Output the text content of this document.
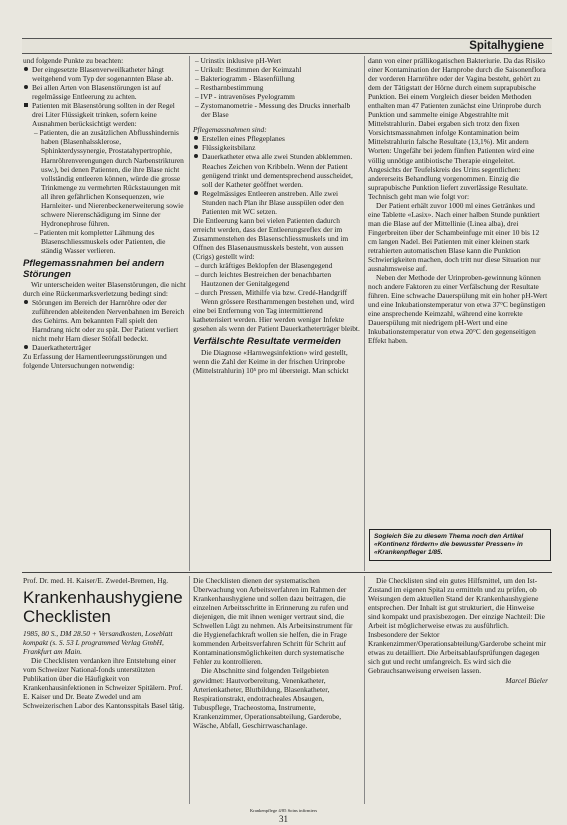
Spitalhygiene

und folgende Punkte zu beachten:

Der eingesetzte Blasenverweilkatheter hängt weitgehend vom Typ der sogenannten Blase ab.

Bei allen Arten von Blasenstörungen ist auf regelmässige Entleerung zu achten.

Patienten mit Blasenstörung sollten in der Regel drei Liter Flüssigkeit trinken, sofern keine Ausnahmen berücksichtigt werden:

– Patienten, die an zusätzlichen Abflusshindernis haben (Blasenhalssklerose, Sphinkterdyssynergie, Prostatahypertrophie, Harnröhrenverengungen durch Narbenstrikturen usw.), bei denen Patienten, die ihre Blase nicht vollständig entleeren können, würde die grosse Trinkmenge zu vermehrten Rückstauungen mit all ihren gefährlichen Konsequenzen, wie Harnleiter- und Nierenbeckenerweiterung sowie schwere Nierenschädigung im Sinne der Hydronephrose führen.

– Patienten mit kompletter Lähmung des Blasenschliessmuskels oder Patienten, die ständig Wasser verlieren.

Pflegemassnahmen bei andern Störungen

Wir unterscheiden weiter Blasenstörungen, die nicht durch eine Rückenmarksverletzung bedingt sind:

Störungen im Bereich der Harnröhre oder der zuführenden ableitenden Nervenbahnen im Bereich des Gehirns. Am bekannten Fall spielt den Harndrang nicht oder zu spät. Der Patient verliert nicht mehr Harn dieser Stöfall bedeckt.

Dauerkatheterträger

Zu Erfassung der Harnentleerungsstörungen und folgende Untersuchungen notwendig:

– Urinstix inklusive pH-Wert

– Urikult: Bestimmen der Keimzahl

– Bakteriogramm - Blasenfüllung

– Restharnbestimmung

– IVP - intravenöses Pyelogramm

– Zystomanometrie - Messung des Drucks innerhalb der Blase

Pflegemassnahmen sind:

Erstellen eines Pflegeplanes

Flüssigkeitsbilanz

Dauerkatheter etwa alle zwei Stunden abklemmen. Reaches Zeichen von Kribbeln. Wenn der Patient genügend trinkt und dementsprechend ausscheidet, soll der Katheter geöffnet werden.

Regelmässiges Entleeren anstreben. Alle zwei Stunden nach Plan ihr Blase ausspülen oder den Patienten mit WC setzen.

Die Entleerung kann bei vielen Patienten dadurch erreicht werden, dass der Entleerungsreflex der im Zusammenstehen des Blasenschliessmuskels und im Offnen des Blasenausmusskels besteht, von aussen (Crigs) gestellt wird:

– durch kräftiges Beklopfen der Blasengegend

– durch leichtes Bestreichen der benachbarten Hautzonen der Genitalgegend

– durch Pressen, Mithilfe via bzw. Credé-Handgriff

Wenn grössere Restharnmengen bestehen und, wird eine bei Entfernung von Tag intermittierend katheterisiert werden. Hier werden weniger Infekte gesehen als wenn der Patient Dauerkatheterträger bleibt.

Verfälschte Resultate vermeiden

Die Diagnose «Harnwegsinfektion» wird gestellt, wenn die Zahl der Keime in der frischen Urinprobe (Mittelstrahlurin) 10⁵ pro ml übersteigt. Man schickt

dann von einer prällikogatischen Bakteriurie. Da das Risiko einer Kontamination der Harnprobe durch die Saisonenflora der vorderen Harnröhre oder der Vagina besteht, gehört zu dem der Tätigstatt der Hörne durch einem suprapubische Punktion. Bei einem Vorgleich dieser beiden Methoden enthalten man 47 Patienten zunächst eine Urinprobe durch Punktion und sammelte einige Abgestrahlte mit Mittelstrahlurin. Dabei ergaben sich trotz den fixen Vorsichtsmassnahmen infolge Kontamination beim Mittelstrahlurin falsche Resultate (13,1%). Mit andern Worten: Ungefähr bei jedem fünften Patienten wird eine völlig unnötige antibiotische Therapie eingeleitet. Angesichts der Teufelskreis des Urins segentlichen: andererseits Behandlung vorgenommen. Einzig die suprapubische Punktion liefert zuverlässige Resultate. Technisch geht man wie folgt vor:

Der Patient erhält zuvor 1000 ml eines Getränkes und eine Tablette «Lasix». Nach einer halben Stunde punktiert man die Blase auf der Mittellinie (Linea alba), drei Fingerbreiten über der Schambeinfuge mit einer 10 bis 12 cm langen Nadel. Bei Patienten mit einer kleinen stark retrahierten automatischen Blase kann die Punktion Schwierigkeiten machen, doch tritt nur diese Situation nur ausnahmsweise auf.

Neben der Methode der Urinproben-gewinnung können noch andere Faktoren zu einer Verfälschung der Resultate führen. Eine schwache Dauerspülung mit ein hoher pH-Wert und eine Inkubationstemperatur von etwa 37°C begünstigen eine ansprechende Keimzahl, während eine korrekte Dauerspülung mit niedrigem pH-Wert und eine Inkubationstemperatur von etwa 20°C den gegenseitigen Effekt haben.

Sogleich Sie zu diesem Thema noch den Artikel «Kontinenz fördern» die bewusster Pressen» in «Krankenpfleger 1/85.

Prof. Dr. med. H. Kaiser/E. Zwedel-Bremen, Hg.

Krankenhaushygiene Checklisten

1985, 80 S., DM 28.50 + Versandkosten, Loseblatt kompakt (s. S. 53 L programmed Verlag GmbH, Frankfurt am Main.

Die Checklisten verdanken ihre Entstehung einer vom Schweizer National-fonds unterstützten Publikation über die Häufigkeit von Krankenhausinfektionen in Schweizer Spitälern. Prof. E. Kaiser und Dr. Beate Zwedel und am Schweizerischen Labor des Kantonsspitals Basel tätig.

Die Checklisten dienen der systematischen Überwachung von Arbeitsverfahren im Rahmen der Krankenhaushygiene und sollen dazu beitragen, die einzelnen Arbeitsschritte in Erinnerung zu rufen und diejenigen, die mit ihnen weniger vertraut sind, die Schwellen Lügt zu nehmen. Als Arbeitsinstrument für die Hygienefachkraft wollen sie helfen, die in Frage kommenden Arbeitsverfahren Schritt für Schritt auf Kontaminationsmöglichkeiten durch systematische Fehler zu kontrollieren.

Die Abschnitte sind folgenden Teilgebieten gewidmet: Hautvorbereitung, Venenkatheter, Arterienkatheter, Blutbildung, Blasenkatheter, Respirationstrakt, endotracheales Absaugen, Tubuspflege, Tracheostoma, Instrumente, Krankenzimmer, Operationsabteilung, Garderobe, Wäsche, Abfall, Geschirrwaschanlage.

Die Checklisten sind ein gutes Hilfsmittel, um den Ist-Zustand im eigenen Spital zu ermitteln und zu prüfen, ob Weisungen dem aktuellen Stand der Krankenhaushygiene entsprechen. Der Inhalt ist gut strukturiert, die Hinweise sind kompakt und praxisbezogen. Der einzige Nachteil: Die Arbeit ist möglicherweise etwas zu ausführlich. Insbesondere der Sektor Krankenzimmer/Operationsabteilung/Garderobe scheint mir etwas zu detailliert. Die Arbeitsablaufsprüfungen dagegen sich gut und recht umfangreich. Es wird sich die Gebrauchsanweisung erweisen lassen.

Marcel Büeler

Krankenpflege 4/85 Soins infirmiers
31
